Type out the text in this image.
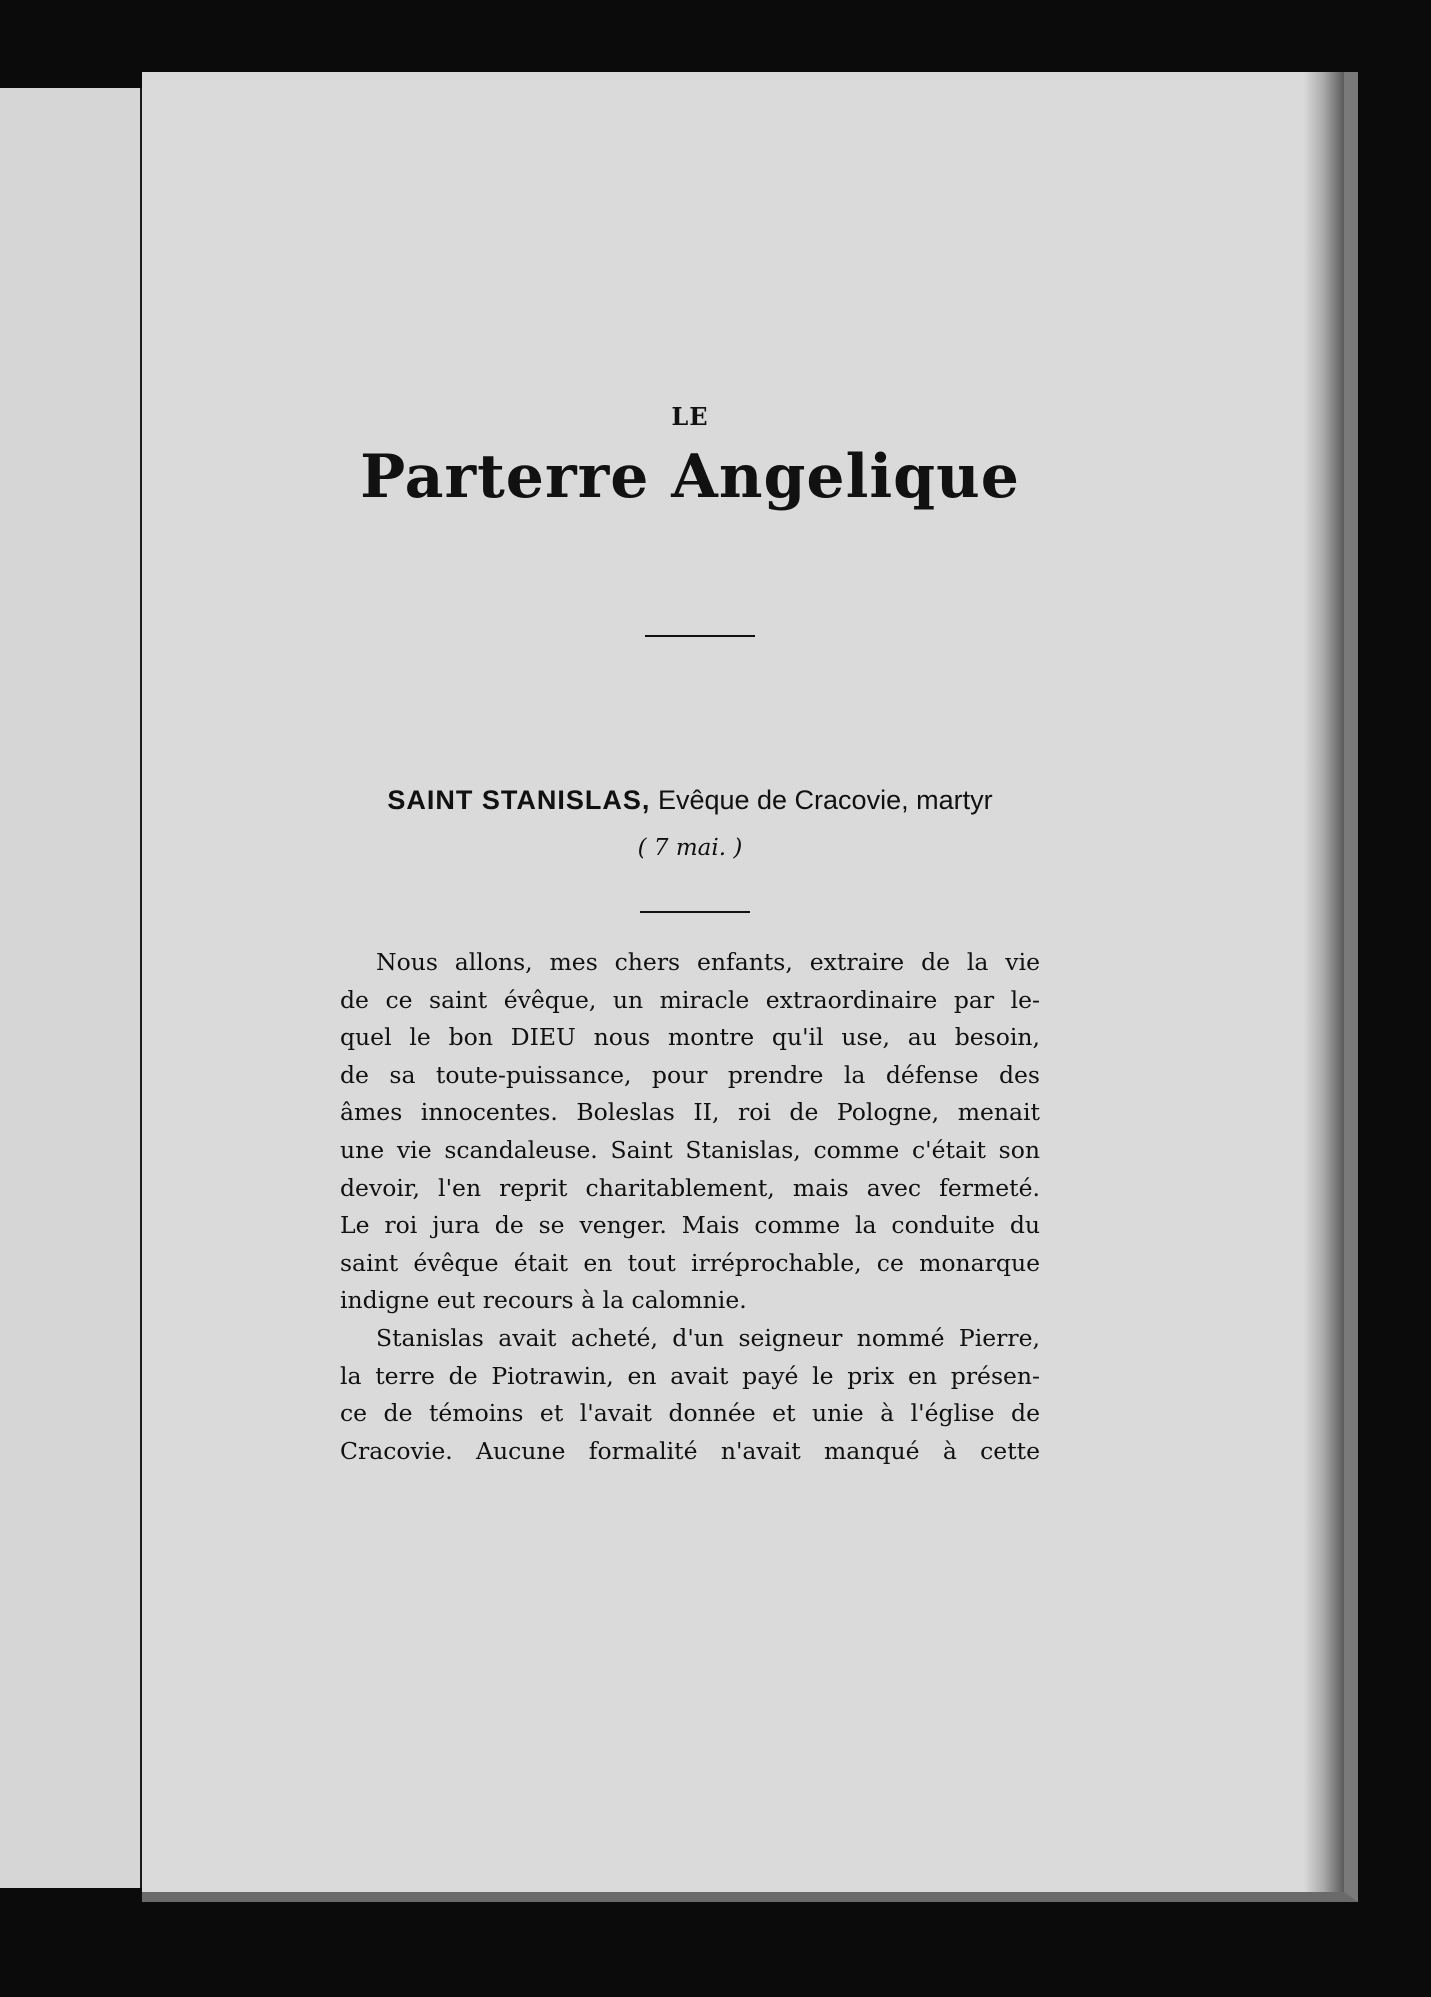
LE
Parterre Angelique
SAINT STANISLAS, Evêque de Cracovie, martyr
( 7 mai. )

Nous allons, mes chers enfants, extraire de la vie
de ce saint évêque, un miracle extraordinaire par le-
quel le bon DIEU nous montre qu'il use, au besoin,
de sa toute-puissance, pour prendre la défense des
âmes innocentes. Boleslas II, roi de Pologne, menait
une vie scandaleuse. Saint Stanislas, comme c'était son
devoir, l'en reprit charitablement, mais avec fermeté.
Le roi jura de se venger. Mais comme la conduite du
saint évêque était en tout irréprochable, ce monarque
indigne eut recours à la calomnie.

Stanislas avait acheté, d'un seigneur nommé Pierre,
la terre de Piotrawin, en avait payé le prix en présen-
ce de témoins et l'avait donnée et unie à l'église de
Cracovie. Aucune formalité n'avait manqué à cette
